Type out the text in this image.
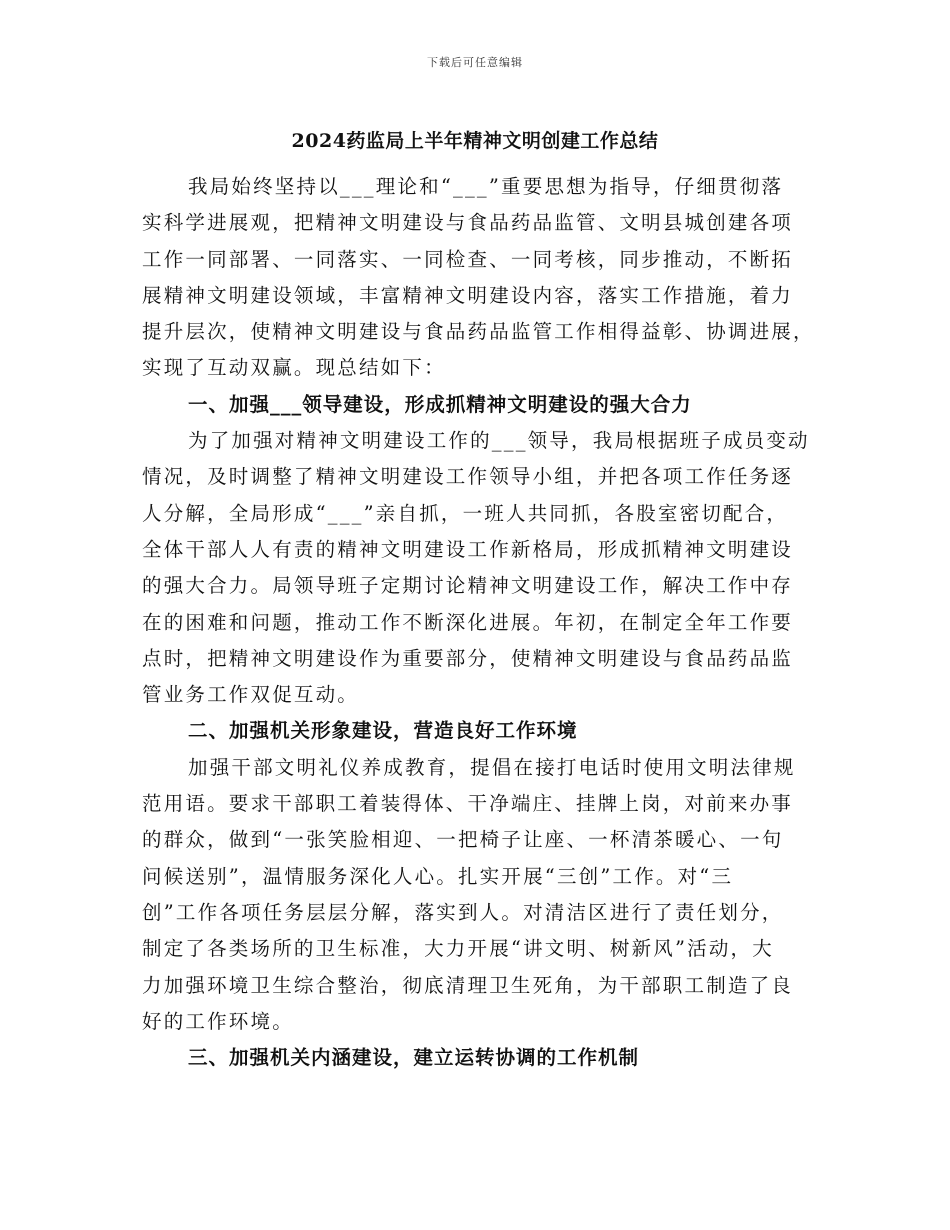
下载后可任意编辑
2024药监局上半年精神文明创建工作总结

我局始终坚持以___理论和“___”重要思想为指导，仔细贯彻落

实科学进展观，把精神文明建设与食品药品监管、文明县城创建各项

工作一同部署、一同落实、一同检查、一同考核，同步推动，不断拓

展精神文明建设领域，丰富精神文明建设内容，落实工作措施，着力

提升层次，使精神文明建设与食品药品监管工作相得益彰、协调进展，

实现了互动双赢。现总结如下：

一、加强___领导建设，形成抓精神文明建设的强大合力

为了加强对精神文明建设工作的___领导，我局根据班子成员变动

情况，及时调整了精神文明建设工作领导小组，并把各项工作任务逐

人分解，全局形成“___”亲自抓，一班人共同抓，各股室密切配合，

全体干部人人有责的精神文明建设工作新格局，形成抓精神文明建设

的强大合力。局领导班子定期讨论精神文明建设工作，解决工作中存

在的困难和问题，推动工作不断深化进展。年初，在制定全年工作要

点时，把精神文明建设作为重要部分，使精神文明建设与食品药品监

管业务工作双促互动。

二、加强机关形象建设，营造良好工作环境

加强干部文明礼仪养成教育，提倡在接打电话时使用文明法律规

范用语。要求干部职工着装得体、干净端庄、挂牌上岗，对前来办事

的群众，做到“一张笑脸相迎、一把椅子让座、一杯清茶暖心、一句

问候送别”，温情服务深化人心。扎实开展“三创”工作。对“三

创”工作各项任务层层分解，落实到人。对清洁区进行了责任划分，

制定了各类场所的卫生标准，大力开展“讲文明、树新风”活动，大

力加强环境卫生综合整治，彻底清理卫生死角，为干部职工制造了良

好的工作环境。

三、加强机关内涵建设，建立运转协调的工作机制
